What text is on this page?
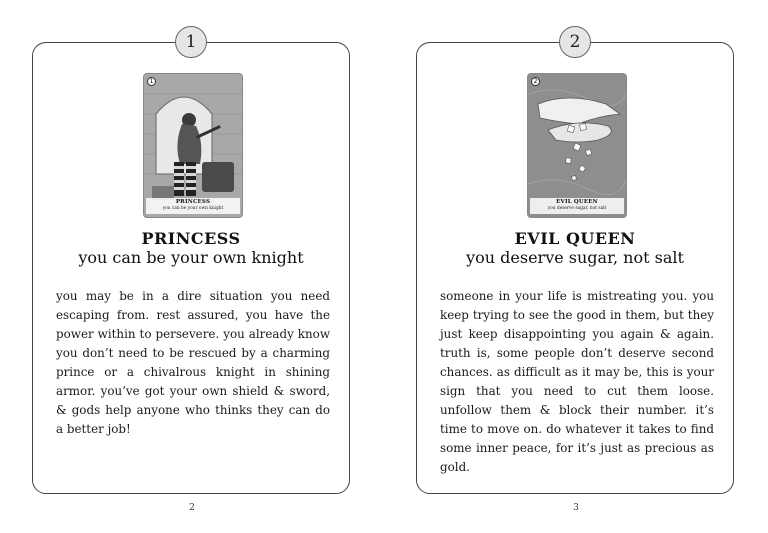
1
1
PRINCESS
you can be your own knight
PRINCESS
you can be your own knight
you may be in a dire situation you need escaping from. rest assured, you have the power within to persevere. you already know you don’t need to be rescued by a charming prince or a chivalrous knight in shining armor. you’ve got your own shield & sword, & gods help anyone who thinks they can do a better job!
2
2
2
EVIL QUEEN
you deserve sugar, not salt
EVIL QUEEN
you deserve sugar, not salt
someone in your life is mistreating you. you keep trying to see the good in them, but they just keep disappointing you again & again. truth is, some people don’t deserve second chances. as difficult as it may be, this is your sign that you need to cut them loose. unfollow them & block their number. it’s time to move on. do whatever it takes to find some inner peace, for it’s just as precious as gold.
3
